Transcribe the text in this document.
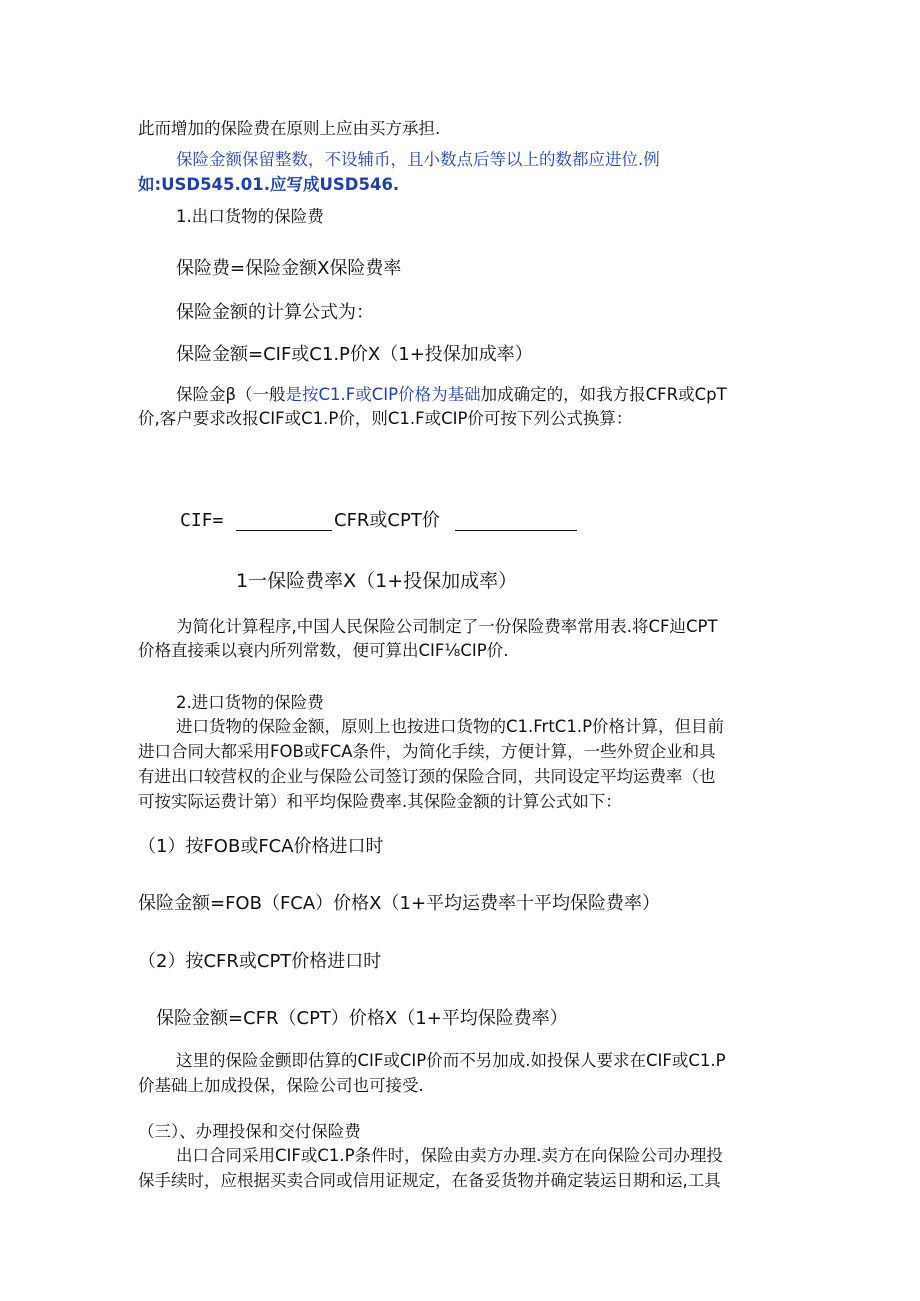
此而增加的保险费在原则上应由买方承担.
保险金额保留整数，不设辅币，且小数点后等以上的数都应进位.例
如:USD545.01.应写成USD546.
1.出口货物的保险费
保险费=保险金额X保险费率
保险金额的计算公式为：
保险金额=CIF或C1.P价X（1+投保加成率）
保险金β（一般是按C1.F或CIP价格为基础加成确定的，如我方报CFR或CpT
价,客户要求改报CIF或C1.P价，则C1.F或CIP价可按下列公式换算：
CIF=	CFR或CPT价
1一保险费率X（1+投保加成率）
为简化计算程序,中国人民保险公司制定了一份保险费率常用表.将CF辿CPT
价格直接乘以衰内所列常数，便可算出CIF⅛CIP价.
2.进口货物的保险费
进口货物的保险金额，原则上也按进口货物的C1.FrtC1.P价格计算，但目前
进口合同大都采用FOB或FCA条件，为简化手续，方便计算，一些外贸企业和具
有进出口较营权的企业与保险公司签订颈的保险合同，共同设定平均运费率（也
可按实际运费计第）和平均保险费率.其保险金额的计算公式如下：
（1）按FOB或FCA价格进口时
保险金额=FOB（FCA）价格X（1+平均运费率十平均保险费率）
（2）按CFR或CPT价格进口时
保险金额=CFR（CPT）价格X（1+平均保险费率）
这里的保险金颤即估算的CIF或CIP价而不另加成.如投保人要求在CIF或C1.P
价基础上加成投保，保险公司也可接受.
（三）、办理投保和交付保险费
出口合同采用CIF或C1.P条件时，保险由卖方办理.卖方在向保险公司办理投
保手续时，应根据买卖合同或信用证规定，在备妥货物并确定装运日期和运,工具
